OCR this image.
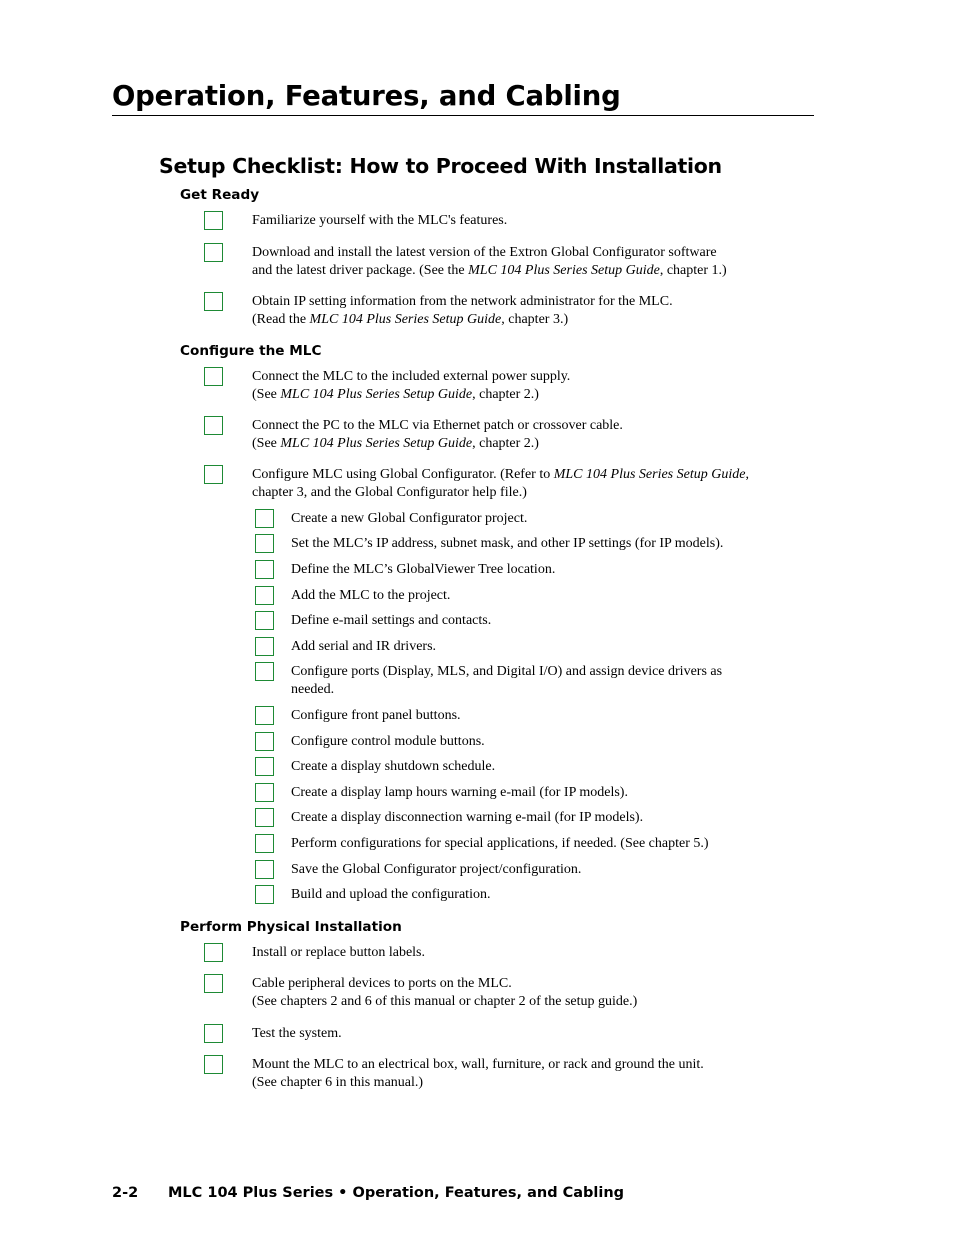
Operation, Features, and Cabling
Setup Checklist: How to Proceed With Installation
Get Ready
Familiarize yourself with the MLC's features.
Download and install the latest version of the Extron Global Configurator software
and the latest driver package. (See the MLC 104 Plus Series Setup Guide, chapter 1.)
Obtain IP setting information from the network administrator for the MLC.
(Read the MLC 104 Plus Series Setup Guide, chapter 3.)
Configure the MLC
Connect the MLC to the included external power supply.
(See MLC 104 Plus Series Setup Guide, chapter 2.)
Connect the PC to the MLC via Ethernet patch or crossover cable.
(See MLC 104 Plus Series Setup Guide, chapter 2.)
Configure MLC using Global Configurator. (Refer to MLC 104 Plus Series Setup Guide,
chapter 3, and the Global Configurator help file.)
Create a new Global Configurator project.
Set the MLC’s IP address, subnet mask, and other IP settings (for IP models).
Define the MLC’s GlobalViewer Tree location.
Add the MLC to the project.
Define e-mail settings and contacts.
Add serial and IR drivers.
Configure ports (Display, MLS, and Digital I/O) and assign device drivers as
needed.
Configure front panel buttons.
Configure control module buttons.
Create a display shutdown schedule.
Create a display lamp hours warning e-mail (for IP models).
Create a display disconnection warning e-mail (for IP models).
Perform configurations for special applications, if needed. (See chapter 5.)
Save the Global Configurator project/configuration.
Build and upload the configuration.
Perform Physical Installation
Install or replace button labels.
Cable peripheral devices to ports on the MLC.
(See chapters 2 and 6 of this manual or chapter 2 of the setup guide.)
Test the system.
Mount the MLC to an electrical box, wall, furniture, or rack and ground the unit.
(See chapter 6 in this manual.)
2-2 MLC 104 Plus Series • Operation, Features, and Cabling
